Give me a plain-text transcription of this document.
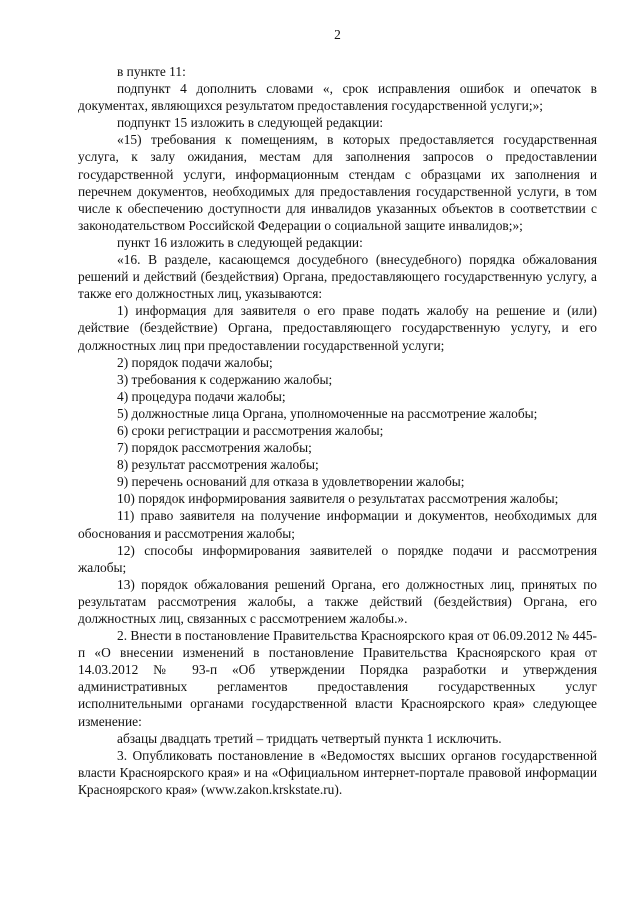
2

в пункте 11:

подпункт 4 дополнить словами «, срок исправления ошибок и опечаток в документах, являющихся результатом предоставления государственной услуги;»;

подпункт 15 изложить в следующей редакции:

«15) требования к помещениям, в которых предоставляется государственная услуга, к залу ожидания, местам для заполнения запросов о предоставлении государственной услуги, информационным стендам с образцами их заполнения и перечнем документов, необходимых для предоставления государственной услуги, в том числе к обеспечению доступности для инвалидов указанных объектов в соответствии с законодательством Российской Федерации о социальной защите инвалидов;»;

пункт 16 изложить в следующей редакции:

«16. В разделе, касающемся досудебного (внесудебного) порядка обжалования решений и действий (бездействия) Органа, предоставляющего государственную услугу, а также его должностных лиц, указываются:

1) информация для заявителя о его праве подать жалобу на решение и (или) действие (бездействие) Органа, предоставляющего государственную услугу, и его должностных лиц при предоставлении государственной услуги;

2) порядок подачи жалобы;

3) требования к содержанию жалобы;

4) процедура подачи жалобы;

5) должностные лица Органа, уполномоченные на рассмотрение жалобы;

6) сроки регистрации и рассмотрения жалобы;

7) порядок рассмотрения жалобы;

8) результат рассмотрения жалобы;

9) перечень оснований для отказа в удовлетворении жалобы;

10) порядок информирования заявителя о результатах рассмотрения жалобы;

11) право заявителя на получение информации и документов, необходимых для обоснования и рассмотрения жалобы;

12) способы информирования заявителей о порядке подачи и рассмотрения жалобы;

13) порядок обжалования решений Органа, его должностных лиц, принятых по результатам рассмотрения жалобы, а также действий (бездействия) Органа, его должностных лиц, связанных с рассмотрением жалобы.».

2. Внести в постановление Правительства Красноярского края от 06.09.2012 № 445-п «О внесении изменений в постановление Правительства Красноярского края от 14.03.2012 № 93-п «Об утверждении Порядка разработки и утверждения административных регламентов предоставления государственных услуг исполнительными органами государственной власти Красноярского края» следующее изменение:

абзацы двадцать третий – тридцать четвертый пункта 1 исключить.

3. Опубликовать постановление в «Ведомостях высших органов государственной власти Красноярского края» и на «Официальном интернет-портале правовой информации Красноярского края» (www.zakon.krskstate.ru).
